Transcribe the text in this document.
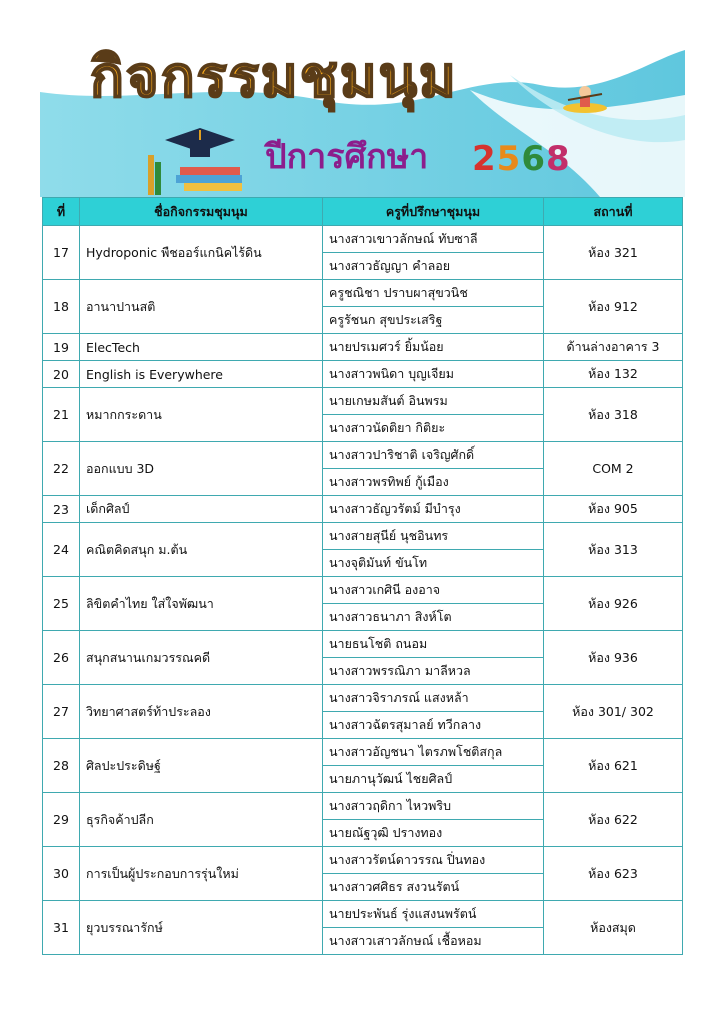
กิจกรรมชุมนุม
ปีการศึกษา 2568
ที่	ชื่อกิจกรรมชุมนุม	ครูที่ปรึกษาชุมนุม	สถานที่
17	Hydroponic พืชออร์แกนิคไร้ดิน	นางสาวเขาวลักษณ์ ทับซาลี	ห้อง 321
		นางสาวธัญญา คำลอย	
18	อานาปานสติ	ครูชณิชา ปราบผาสุขวนิช	ห้อง 912
		ครูรัชนก สุขประเสริฐ	
19	ElecTech	นายปรเมศวร์ ยิ้มน้อย	ด้านล่างอาคาร 3
20	English is Everywhere	นางสาวพนิดา บุญเจียม	ห้อง 132
21	หมากกระดาน	นายเกษมสันต์ อินพรม	ห้อง 318
		นางสาวนัดติยา กิติยะ	
22	ออกแบบ 3D	นางสาวปาริชาติ เจริญศักดิ์	COM 2
		นางสาวพรทิพย์ กู้เมือง	
23	เด็กศิลป์	นางสาวธัญวรัตม์ มีบำรุง	ห้อง 905
24	คณิตคิดสนุก ม.ต้น	นางสายสุนีย์ นุชอินทร	ห้อง 313
		นางจุติมันท์ ขันโท	
25	ลิขิตคำไทย ใส่ใจพัฒนา	นางสาวเกศินี องอาจ	ห้อง 926
		นางสาวธนาภา สิงห์โต	
26	สนุกสนานเกมวรรณคดี	นายธนโชติ ถนอม	ห้อง 936
		นางสาวพรรณิภา มาลีหวล	
27	วิทยาศาสตร์ท้าประลอง	นางสาวจิราภรณ์ แสงหล้า	ห้อง 301/ 302
		นางสาวฉัตรสุมาลย์ ทวีกลาง	
28	ศิลปะประดิษฐ์	นางสาวอัญชนา ไตรภพโชติสกุล	ห้อง 621
		นายภานุวัฒน์ ไชยศิลป์	
29	ธุรกิจค้าปลีก	นางสาวฤดิกา ไหวพริบ	ห้อง 622
		นายณัฐวุฒิ ปรางทอง	
30	การเป็นผู้ประกอบการรุ่นใหม่	นางสาวรัตน์ดาวรรณ ปิ่นทอง	ห้อง 623
		นางสาวศศิธร สงวนรัตน์	
31	ยุวบรรณารักษ์	นายประพันธ์ รุ่งแสงนพรัตน์	ห้องสมุด
		นางสาวเสาวลักษณ์ เชื้อหอม	
